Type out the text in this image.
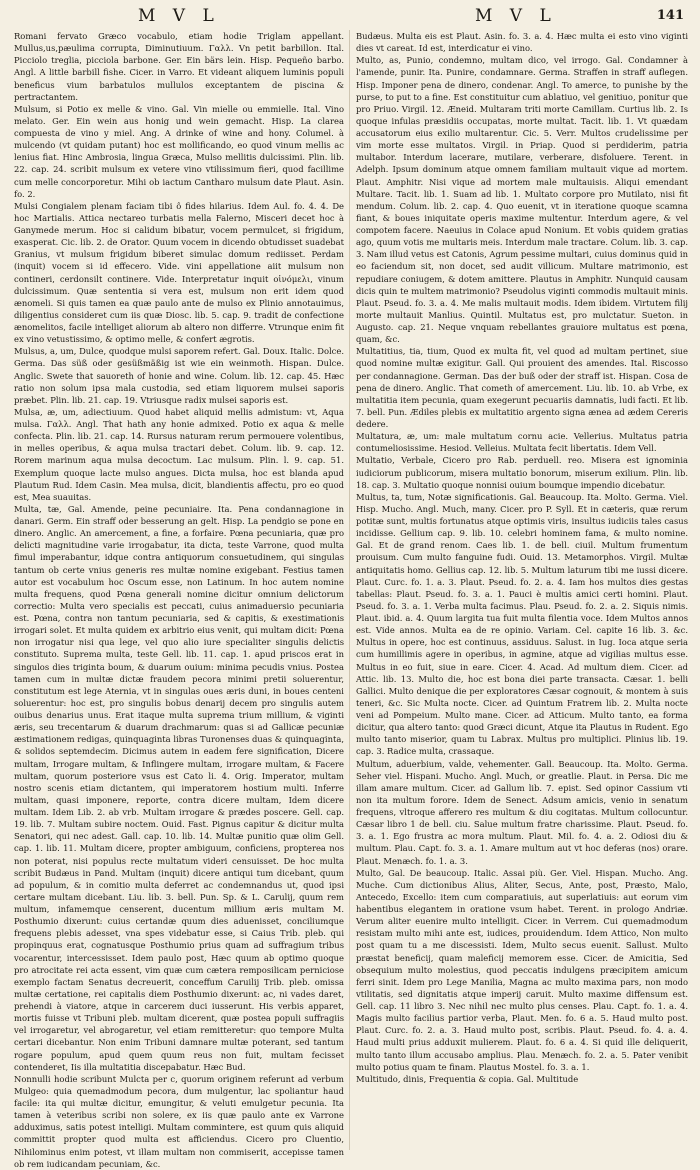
M V L	M V L	141

Romani fervato Græco vocabulo, etiam hodie Triglam appellant. Mullus,us,pæulima corrupta, Diminutiuum. Γαλλ. Vn petit barbillon. Ital. Picciolo treglia, picciola barbone. Ger. Ein bärs lein. Hisp. Pequeño barbo. Angl. A little barbill fishe. Cicer. in Varro. Et videant aliquem luminis populi beneficus vium barbatulos mullulos exceptantem de piscina & pertractantem.

Mulsum, si Potio ex melle & vino. Gal. Vin mielle ou emmielle. Ital. Vino melato. Ger. Ein wein aus honig und wein gemacht. Hisp. La clarea compuesta de vino y miel. Ang. A drinke of wine and hony. Columel. à mulcendo (vt quidam putant) hoc est mollificando, eo quod vinum mellis ac lenius fiat. Hinc Ambrosia, lingua Græca, Mulso mellitis dulcissimi. Plin. lib. 22. cap. 24. scribit mulsum ex vetere vino vtilissimum fieri, quod facillime cum melle concorporetur. Mihi ob iactum Cantharo mulsum date Plaut. Asin. fo. 2.

Mulsi Congialem plenam faciam tibi ô fides hilarius. Idem Aul. fo. 4. 4. De hoc Martialis. Attica nectareo turbatis mella Falerno, Misceri decet hoc à Ganymede merum. Hoc si calidum bibatur, vocem permulcet, si frigidum, exasperat. Cic. lib. 2. de Orator. Quum vocem in dicendo obtudisset suadebat Granius, vt mulsum frigidum biberet simulac domum rediisset. Perdam (inquit) vocem si id effecero. Vide. vini appellatione aiit mulsum non contineri, cerdonsilt continere. Vide. Interpretatur inquit οἰνόμελι, vinum dulcissimum. Quæ sententia si vera est, mulsum non erit idem quod ænomeli. Si quis tamen ea quæ paulo ante de mulso ex Plinio annotauimus, diligentius consideret cum iis quæ Diosc. lib. 5. cap. 9. tradit de confectione ænomelitos, facile intelliget aliorum ab altero non differre. Vtrunque enim fit ex vino vetustissimo, & optimo melle, & confert ægrotis.

Mulsus, a, um, Dulce, quodque mulsi saporem refert. Gal. Doux. Italic. Dolce. Germa. Das süß oder gesüßmäßig ist wie ein weinmoth. Hispan. Dulce. Anglic. Swete that sauoreth of honie and wine. Colum. lib. 12. cap. 45. Hæc ratio non solum ipsa mala custodia, sed etiam liquorem mulsei saporis præbet. Plin. lib. 21. cap. 19. Vtriusque radix mulsei saporis est.

Mulsa, æ, um, adiectiuum. Quod habet aliquid mellis admistum: vt, Aqua mulsa. Γαλλ. Angl. That hath any honie admixed. Potio ex aqua & melle confecta. Plin. lib. 21. cap. 14. Rursus naturam rerum permouere volentibus, in melles operibus, & aqua mulsa tractari debet. Colum. lib. 9. cap. 12. Rorem marinum aqua mulsa decoctum. Lac mulsum. Plin. l. 9. cap. 51. Exemplum quoque lacte mulso angues. Dicta mulsa, hoc est blanda apud Plautum Rud. Idem Casin. Mea mulsa, dicit, blandientis affectu, pro eo quod est, Mea suauitas.

Multa, tæ, Gal. Amende, peine pecuniaire. Ita. Pena condannagione in danari. Germ. Ein straff oder besserung an gelt. Hisp. La pendgio se pone en dinero. Anglic. An amercement, a fine, a forfaire. Pœna pecuniaria, quæ pro delicti magnitudine varie irrogabatur, ita dicta, teste Varrone, quod multa fimul imperabantur, idque contra antiquorum consuetudinem, qui singulas tantum ob certe vnius generis res multæ nomine exigebant. Festius tamen autor est vocabulum hoc Oscum esse, non Latinum. In hoc autem nomine multa frequens, quod Pœna generali nomine dicitur omnium delictorum correctio: Multa vero specialis est peccati, cuius animaduersio pecuniaria est. Pœna, contra non tantum pecuniaria, sed & capitis, & exestimationis irrogari solet. Et multa quidem ex arbitrio eius venit, qui multam dicit: Pœna non irrogatur nisi qua lege, vel quo alio iure specialiter singulis delictis constituto. Suprema multa, teste Gell. lib. 11. cap. 1. apud priscos erat in singulos dies triginta boum, & duarum ouium: minima pecudis vnius. Postea tamen cum in multæ dictæ fraudem pecora minimi pretii soluerentur, constitutum est lege Aternia, vt in singulas oues æris duni, in boues centeni soluerentur: hoc est, pro singulis bobus denarij decem pro singulis autem ouibus denarius unus. Erat itaque multa suprema trium millium, & viginti æris, seu trecentarum & duarum drachmarum: quas si ad Gallicæ pecuniæ æstimationem redigas, quinquaginta libras Turonenses duas & quinquaginta, & solidos septemdecim. Dicimus autem in eadem fere signification, Dicere multam, Irrogare multam, & Inflingere multam, irrogare multam, & Facere multam, quorum posteriore vsus est Cato li. 4. Orig. Imperator, multam nostro scenis etiam dictantem, qui imperatorem hostium multi. Inferre multam, quasi imponere, reporte, contra dicere multam, Idem dicere multam. Idem Lib. 2. ab vrb. Multam irrogare & prædes poscere. Gell. cap. 19. lib. 7. Multam subire noctem. Ouid. Fast. Pignus capitur & dicitur multa Senatori, qui nec adest. Gall. cap. 10. lib. 14. Multæ punitio quæ olim Gell. cap. 1. lib. 11. Multam dicere, propter ambiguum, conficiens, propterea nos non poterat, nisi populus recte multatum videri censuisset. De hoc multa scribit Budæus in Pand. Multam (inquit) dicere antiqui tum dicebant, quum ad populum, & in comitio multa deferret ac condemnandus ut, quod ipsi certare multam dicebant. Liu. lib. 3. bell. Pun. Sp. & L. Carulij, quum rem multum, infamemque censerent, ducentum millium æris multam M. Posthumio dixerunt: cuius certandæ quum dies aduenisset, conciliumque frequens plebis adesset, vna spes videbatur esse, si Caius Trib. pleb. qui propinquus erat, cognatusque Posthumio prius quam ad suffragium tribus vocarentur, intercessisset. Idem paulo post, Hæc quum ab optimo quoque pro atrocitate rei acta essent, vim quæ cum cætera remposilicam perniciose exemplo factam Senatus decreuerit, conceffum Caruilij Trib. pleb. omissa multæ certatione, rei capitalis diem Posthumio dixerunt: ac, ni vades daret, prehendi à viatore, atque in carcerem duci iusserunt. His verbis apparet, mortis fuisse vt Tribuni pleb. multam dicerent, quæ postea populi suffragiis vel irrogaretur, vel abrogaretur, vel etiam remitteretur: quo tempore Multa certari dicebantur. Non enim Tribuni damnare multæ poterant, sed tantum rogare populum, apud quem quum reus non fuit, multam fecisset contenderet, Iis illa multatitia discepabatur. Hæc Bud.

Nonnulli hodie scribunt Mulcta per c, quorum originem referunt ad verbum Mulgeo: quia quemadmodum pecora, dum mulgentur, lac spoliantur haud facile: ita qui multæ dicitur, emungitur, & veluti emulgetur pecunia. Ita tamen à veteribus scribi non solere, ex iis quæ paulo ante ex Varrone adduximus, satis potest intelligi. Multam commintere, est quum quis aliquid committit propter quod multa est afficiendus. Cicero pro Cluentio, Nihilominus enim potest, vt illam multam non commiserit, accepisse tamen ob rem iudicandam pecuniam, &c.

Budæus. Multa eis est Plaut. Asin. fo. 3. a. 4. Hæc multa ei esto vino viginti dies vt careat. Id est, interdicatur ei vino.

Multo, as, Punio, condemno, multam dico, vel irrogo. Gal. Condamner à l'amende, punir. Ita. Punire, condamnare. Germa. Straffen in straff auflegen. Hisp. Imponer pena de dinero, condenar. Angl. To amerce, to punishe by the purse, to put to a fine. Est constituitur cum ablatiuo, vel genitiuo, ponitur que pro Priuo. Virgil. 12. Æneid. Multaram triti morte Camillam. Curtius lib. 2. Is quoque infulas præsidiis occupatas, morte multat. Tacit. lib. 1. Vt quædam accusatorum eius exilio multarentur. Cic. 5. Verr. Multos crudelissime per vim morte esse multatos. Virgil. in Priap. Quod si perdiderim, patria multabor. Interdum lacerare, mutilare, verberare, disfoluere. Terent. in Adelph. Ipsum dominum atque omnem familiam multauit vique ad mortem. Plaut. Amphitr. Nisi vique ad mortem male multauisis. Aliqui emendant Multare. Tacit. lib. 1. Suam ad lib. 1. Multato corpore pro Mutilato, nisi fit mendum. Colum. lib. 2. cap. 4. Quo euenit, vt in iteratione quoque scamna fiant, & boues iniquitate operis maxime multentur. Interdum agere, & vel compotem facere. Naeuius in Colace apud Nonium. Et vobis quidem gratias ago, quum votis me multaris meis. Interdum male tractare. Colum. lib. 3. cap. 3. Nam illud vetus est Catonis, Agrum pessime multari, cuius dominus quid in eo faciendum sit, non docet, sed audit villicum. Multare matrimonio, est repudiare coniugem, & dotem amittere. Plautus in Amphitr. Nunquid causam dicis quin te multem matrimonio? Pseudolus viginti commodis multauit minis. Plaut. Pseud. fo. 3. a. 4. Me malis multauit modis. Idem ibidem. Virtutem filij morte multauit Manlius. Quintil. Multatus est, pro mulctatur. Sueton. in Augusto. cap. 21. Neque vnquam rebellantes grauiore multatus est pœna, quam, &c.

Multatitius, tia, tium, Quod ex multa fit, vel quod ad multam pertinet, siue quod nomine multæ exigitur. Gall. Qui prouient des amendes. Ital. Riscosso per condannagione. German. Das der buß oder der straff ist. Hispan. Cosa de pena de dinero. Anglic. That cometh of amercement. Liu. lib. 10. ab Vrbe, ex multatitia item pecunia, quam exegerunt pecuariis damnatis, ludi facti. Et lib. 7. bell. Pun. Ædiles plebis ex multatitio argento signa ænea ad ædem Cereris dedere.

Multatura, æ, um: male multatum cornu acie. Vellerius. Multatus patria contumeliosissime. Hesiod. Velleius. Multata fecit libertatis. Idem Vell.

Multatio, Verbale, Cicero pro Rab. perduell. reo. Misera est ignominia iudiciorum publicorum, misera multatio bonorum, miserum exilium. Plin. lib. 18. cap. 3. Multatio quoque nonnisi ouium boumque impendio dicebatur.

Multus, ta, tum, Notæ significationis. Gal. Beaucoup. Ita. Molto. Germa. Viel. Hisp. Mucho. Angl. Much, many. Cicer. pro P. Syll. Et in cæteris, quæ rerum potitæ sunt, multis fortunatus atque optimis viris, insultus iudiciis tales casus incidisse. Gellium cap. 9. lib. 10. celebri hominem fama, & multo nomine. Gal. Et de grand renom. Caes lib. 1. de bell. ciuil. Multum frumentum prouisum. Cum multo fanguine fudi. Ouid. 13. Metamorphos. Virgil. Multæ antiquitatis homo. Gellius cap. 12. lib. 5. Multum laturum tibi me iussi dicere. Plaut. Curc. fo. 1. a. 3. Plaut. Pseud. fo. 2. a. 4. Iam hos multos dies gestas tabellas: Plaut. Pseud. fo. 3. a. 1. Pauci è multis amici certi homini. Plaut. Pseud. fo. 3. a. 1. Verba multa facimus. Plau. Pseud. fo. 2. a. 2. Siquis nimis. Plaut. ibid. a. 4. Quum largita tua fuit multa filentia voce. Idem Multos annos est. Vide annos. Multa ea de re opinio. Variam. Cel. capite 16 lib. 3. &c. Multus in opere, hoc est continuus, assiduus. Salust. in Iug. Ioca atque seria cum humillimis agere in operibus, in agmine, atque ad vigilias multus esse. Multus in eo fuit, siue in eare. Cicer. 4. Acad. Ad multum diem. Cicer. ad Attic. lib. 13. Multo die, hoc est bona diei parte transacta. Cæsar. 1. belli Gallici. Multo denique die per exploratores Cæsar cognouit, & montem à suis teneri, &c. Sic Multa nocte. Cicer. ad Quintum Fratrem lib. 2. Multa nocte veni ad Pompeium. Multo mane. Cicer. ad Atticum. Multo tanto, ea forma dicitur, qua altero tanto: quod Græci dicunt, Atque ita Plautus in Rudent. Ego multo tanto miserior, quam tu Labrax. Multus pro multiplici. Plinius lib. 19. cap. 3. Radice multa, crassaque.

Multum, aduerbium, valde, vehementer. Gall. Beaucoup. Ita. Molto. Germa. Seher viel. Hispani. Mucho. Angl. Much, or greatlie. Plaut. in Persa. Dic me illam amare multum. Cicer. ad Gallum lib. 7. epist. Sed opinor Cassium vti non ita multum forore. Idem de Senect. Adsum amicis, venio in senatum frequens, vltroque afferero res multum & diu cogitatas. Multum collocuntur. Cæsar libro 1 de bell. ciu. Salue multum fratre charissime. Plaut. Pseud. fo. 3. a. 1. Ego frustra ac mora multum. Plaut. Mil. fo. 4. a. 2. Odiosi diu & multum. Plau. Capt. fo. 3. a. 1. Amare multum aut vt hoc deferas (nos) orare. Plaut. Menæch. fo. 1. a. 3.

Multo, Gal. De beaucoup. Italic. Assai più. Ger. Viel. Hispan. Mucho. Ang. Muche. Cum dictionibus Alius, Aliter, Secus, Ante, post, Præsto, Malo, Antecedo, Excello: item cum comparatiuis, aut superlatiuis: aut eorum vim habentibus elegantem in oratione vsum habet. Terent. in prologo Andriæ. Verum aliter euenire multo intelligit. Cicer. in Verrem. Cui quemadmodum resistam multo mihi ante est, iudices, prouidendum. Idem Attico, Non multo post quam tu a me discessisti. Idem, Multo secus euenit. Sallust. Multo præstat beneficij, quam maleficij memorem esse. Cicer. de Amicitia, Sed obsequium multo molestius, quod peccatis indulgens præcipitem amicum ferri sinit. Idem pro Lege Manilia, Magna ac multo maxima pars, non modo vtilitatis, sed dignitatis atque imperij caruit. Multo maxime diffensum est. Gell. cap. 11 libro 3. Nec nihil nec multo plus censes. Plau. Capt. fo. 1. a. 4. Magis multo facilius partior verba, Plaut. Men. fo. 6 a. 5. Haud multo post. Plaut. Curc. fo. 2. a. 3. Haud multo post, scribis. Plaut. Pseud. fo. 4. a. 4. Haud multi prius adduxit mulierem. Plaut. fo. 6 a. 4. Si quid ille deliquerit, multo tanto illum accusabo amplius. Plau. Menæch. fo. 2. a. 5. Pater venibit multo potius quam te finam. Plautus Mostel. fo. 3. a. 1.

Multitudo, dinis, Frequentia & copia. Gal. Multitude
